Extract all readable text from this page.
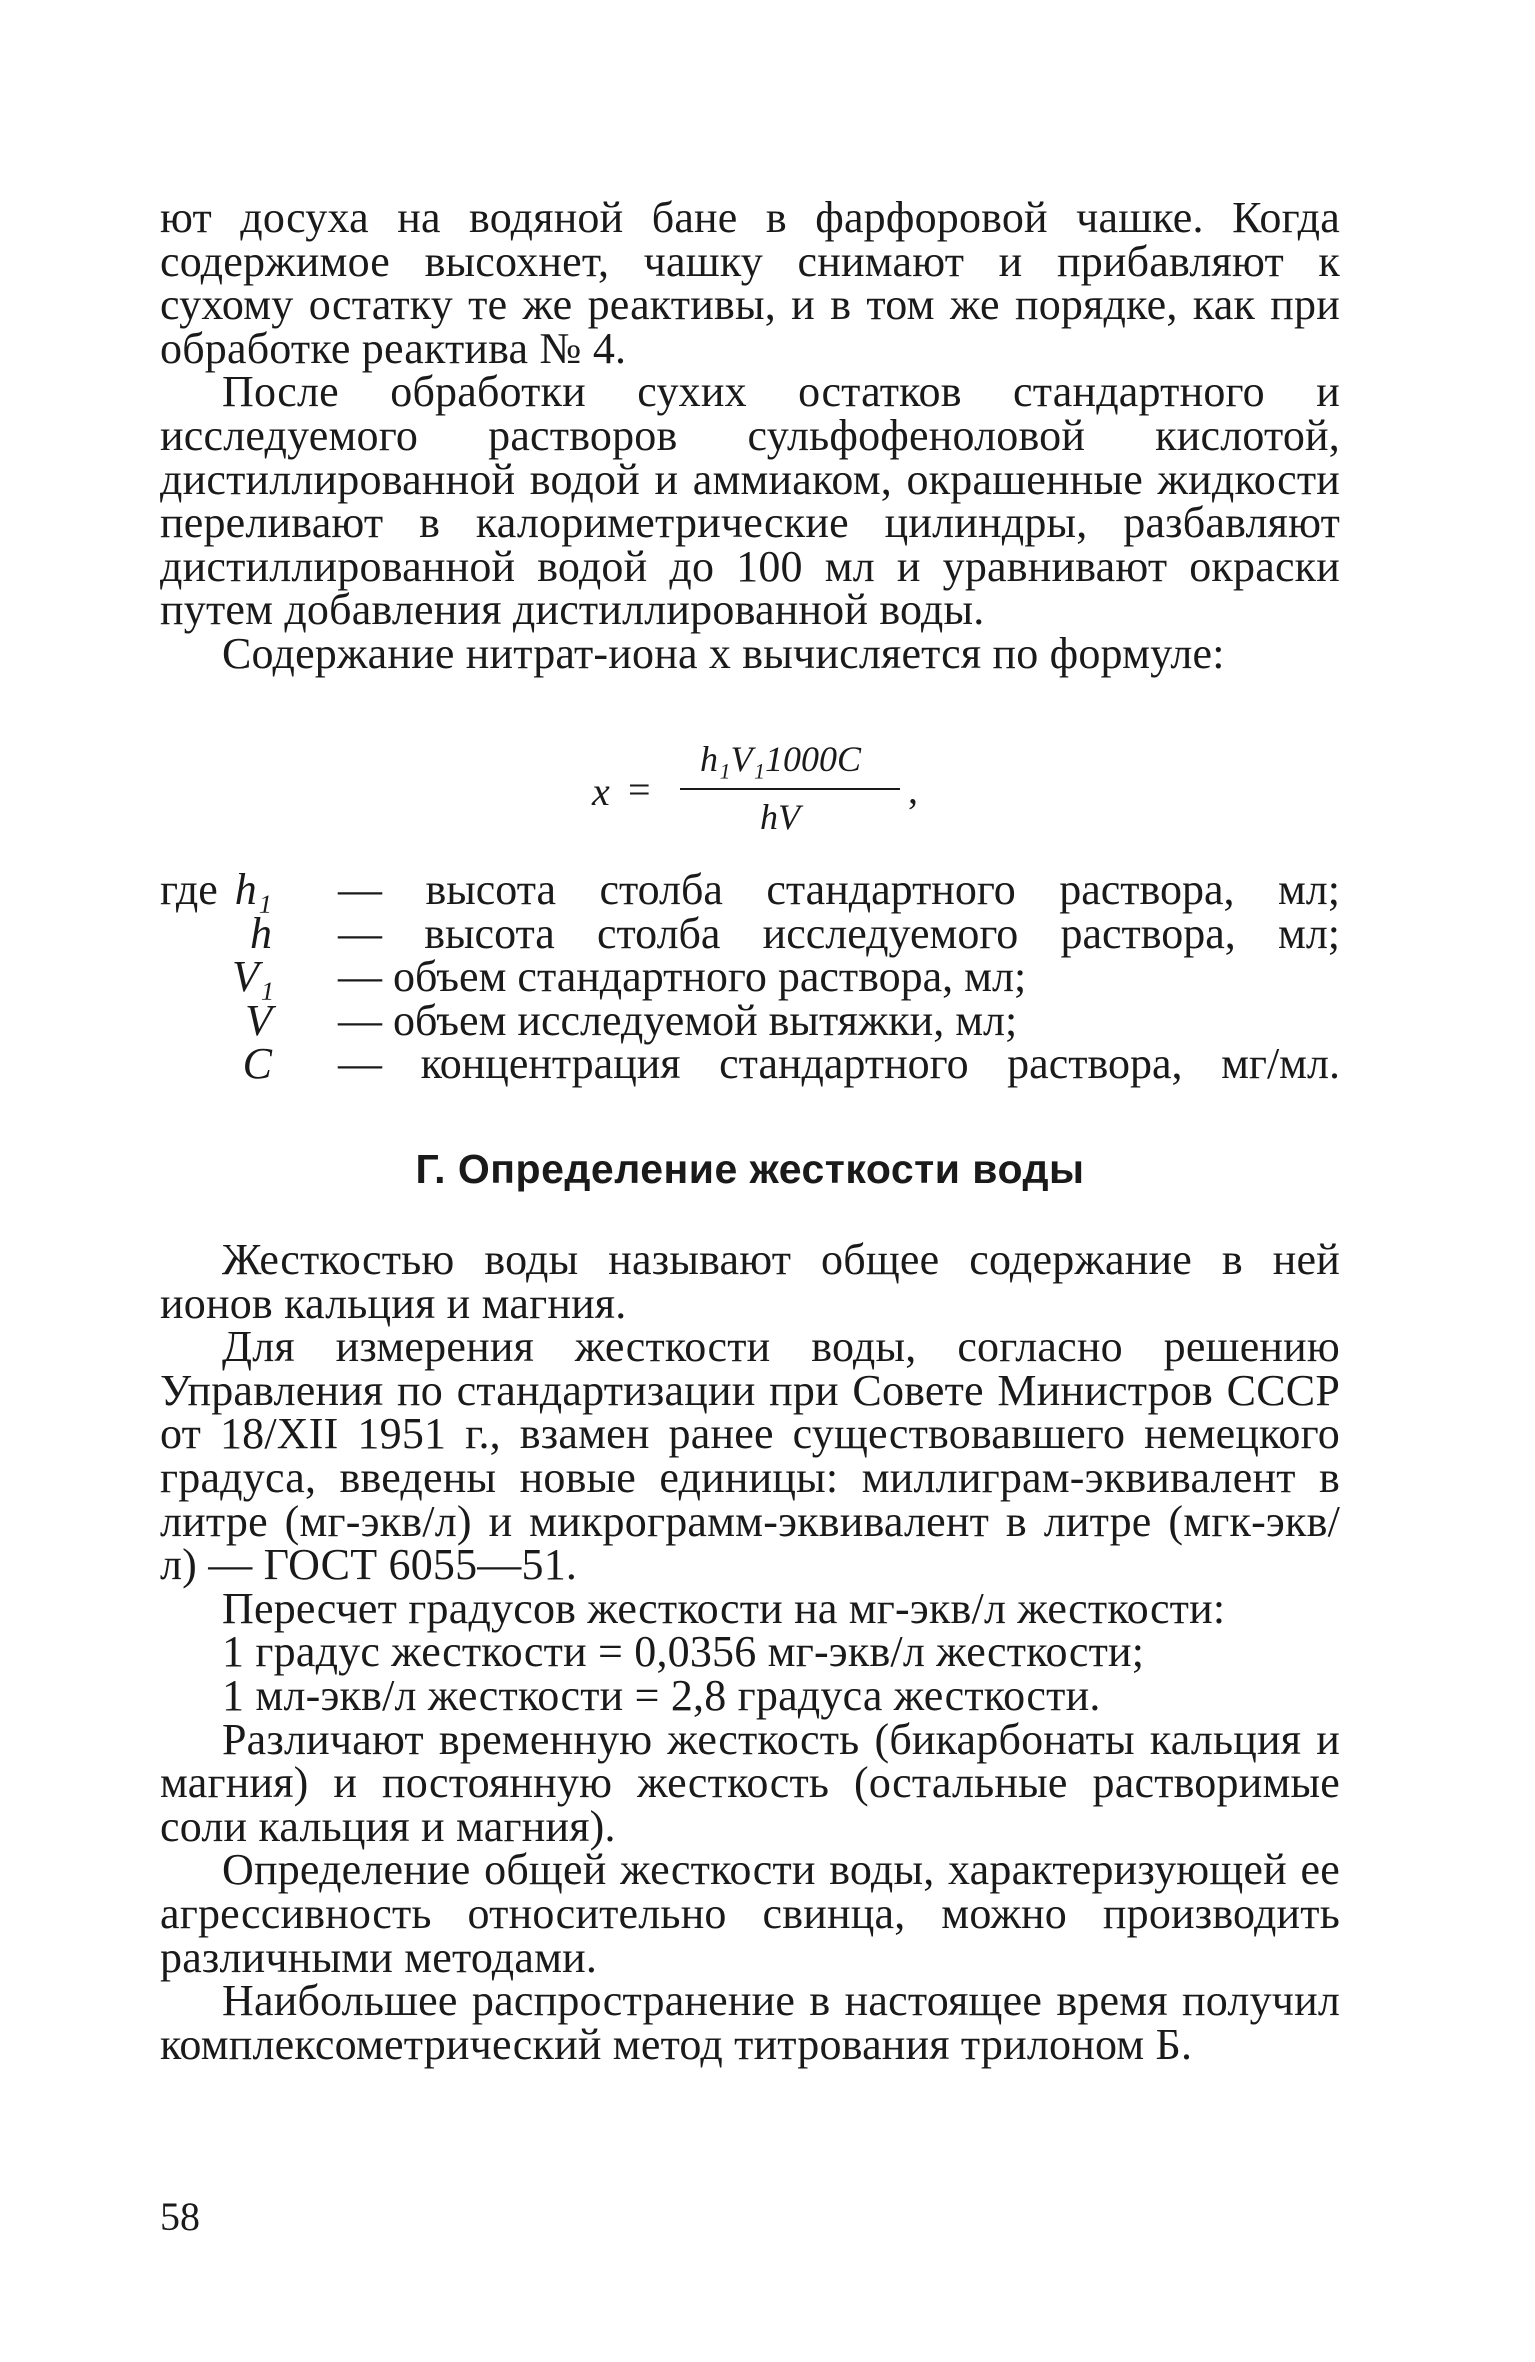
ют досуха на водяной бане в фарфоровой чашке. Когда содержимое высохнет, чашку снимают и прибавляют к сухому остатку те же реактивы, и в том же порядке, как при обработке реактива № 4.

После обработки сухих остатков стандартного и исследуемого растворов сульфофеноловой кислотой, дистиллированной водой и аммиаком, окрашенные жидкости переливают в калориметрические цилиндры, разбавляют дистиллированной водой до 100 мл и уравнивают окраски путем добавления дистиллированной воды.

Содержание нитрат-иона x вычисляется по формуле:

x =
h₁V₁1000C
hV
,
где h₁ — высота столба стандартного раствора, мл;
h — высота столба исследуемого раствора, мл;
V₁ — объем стандартного раствора, мл;
V — объем исследуемой вытяжки, мл;
C — концентрация стандартного раствора, мг/мл.
Г. Определение жесткости воды

Жесткостью воды называют общее содержание в ней ионов кальция и магния.

Для измерения жесткости воды, согласно решению Управления по стандартизации при Совете Министров СССР от 18/XII 1951 г., взамен ранее существовавшего немецкого градуса, введены новые единицы: миллиграм-эквивалент в литре (мг-экв/л) и микрограмм-эквивалент в литре (мгк-экв/л) — ГОСТ 6055—51.

Пересчет градусов жесткости на мг-экв/л жесткости:

1 градус жесткости = 0,0356 мг-экв/л жесткости;

1 мл-экв/л жесткости = 2,8 градуса жесткости.

Различают временную жесткость (бикарбонаты кальция и магния) и постоянную жесткость (остальные растворимые соли кальция и магния).

Определение общей жесткости воды, характеризующей ее агрессивность относительно свинца, можно производить различными методами.

Наибольшее распространение в настоящее время получил комплексометрический метод титрования трилоном Б.

58
